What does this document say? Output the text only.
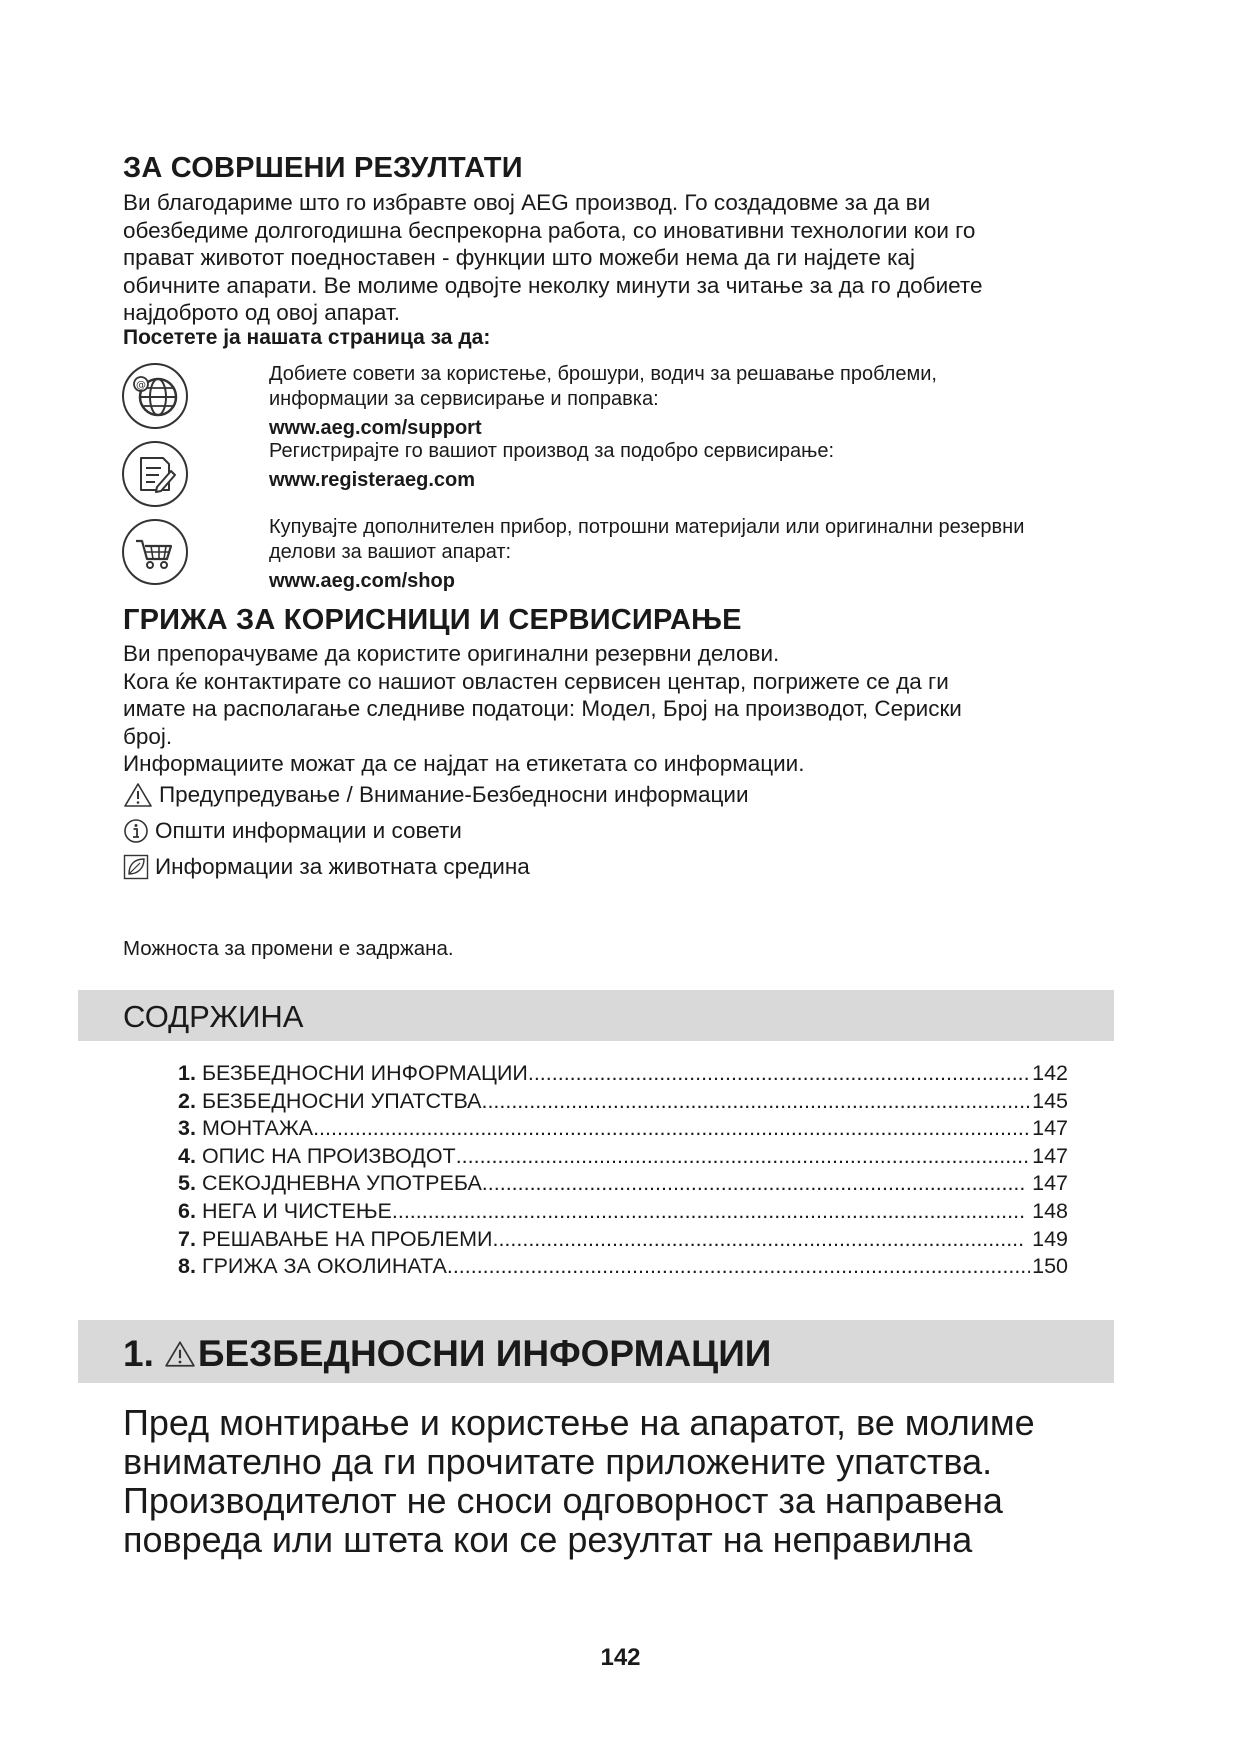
ЗА СОВРШЕНИ РЕЗУЛТАТИ
Ви благодариме што го избравте овој AEG производ. Го создадовме за да ви
обезбедиме долгогодишна беспрекорна работа, со иновативни технологии кои го
прават животот поедноставен - функции што можеби нема да ги најдете кај
обичните апарати. Ве молиме одвојте неколку минути за читање за да го добиете
најдоброто од овој апарат.
Посетете ја нашата страница за да:
@
Добиете совети за користење, брошури, водич за решавање проблеми,
информации за сервисирање и поправка:
www.aeg.com/support
Регистрирајте го вашиот производ за подобро сервисирање:
www.registeraeg.com
Купувајте дополнителен прибор, потрошни материјали или оригинални резервни
делови за вашиот апарат:
www.aeg.com/shop
ГРИЖА ЗА КОРИСНИЦИ И СЕРВИСИРАЊЕ
Ви препорачуваме да користите оригинални резервни делови.
Кога ќе контактирате со нашиот овластен сервисен центар, погрижете се да ги
имате на располагање следниве податоци: Модел, Број на производот, Сериски
број.
Информациите можат да се најдат на етикетата со информации.
Предупредување / Внимание-Безбедносни информации
Општи информации и совети
Информации за животната средина
Можноста за промени е задржана.
СОДРЖИНА
1. БЕЗБЕДНОСНИ ИНФОРМАЦИИ .....	142
2. БЕЗБЕДНОСНИ УПАТСТВА .....	145
3. МОНТАЖА .....	147
4. ОПИС НА ПРОИЗВОДОТ .....	147
5. СЕКОЈДНЕВНА УПОТРЕБА .....	147
6. НЕГА И ЧИСТЕЊЕ .....	148
7. РЕШАВАЊЕ НА ПРОБЛЕМИ .....	149
8. ГРИЖА ЗА ОКОЛИНАТА .....	150
1. БЕЗБЕДНОСНИ ИНФОРМАЦИИ
Пред монтирање и користење на апаратот, ве молиме
внимателно да ги прочитате приложените упатства.
Производителот не сноси одговорност за направена
повреда или штета кои се резултат на неправилна
142
